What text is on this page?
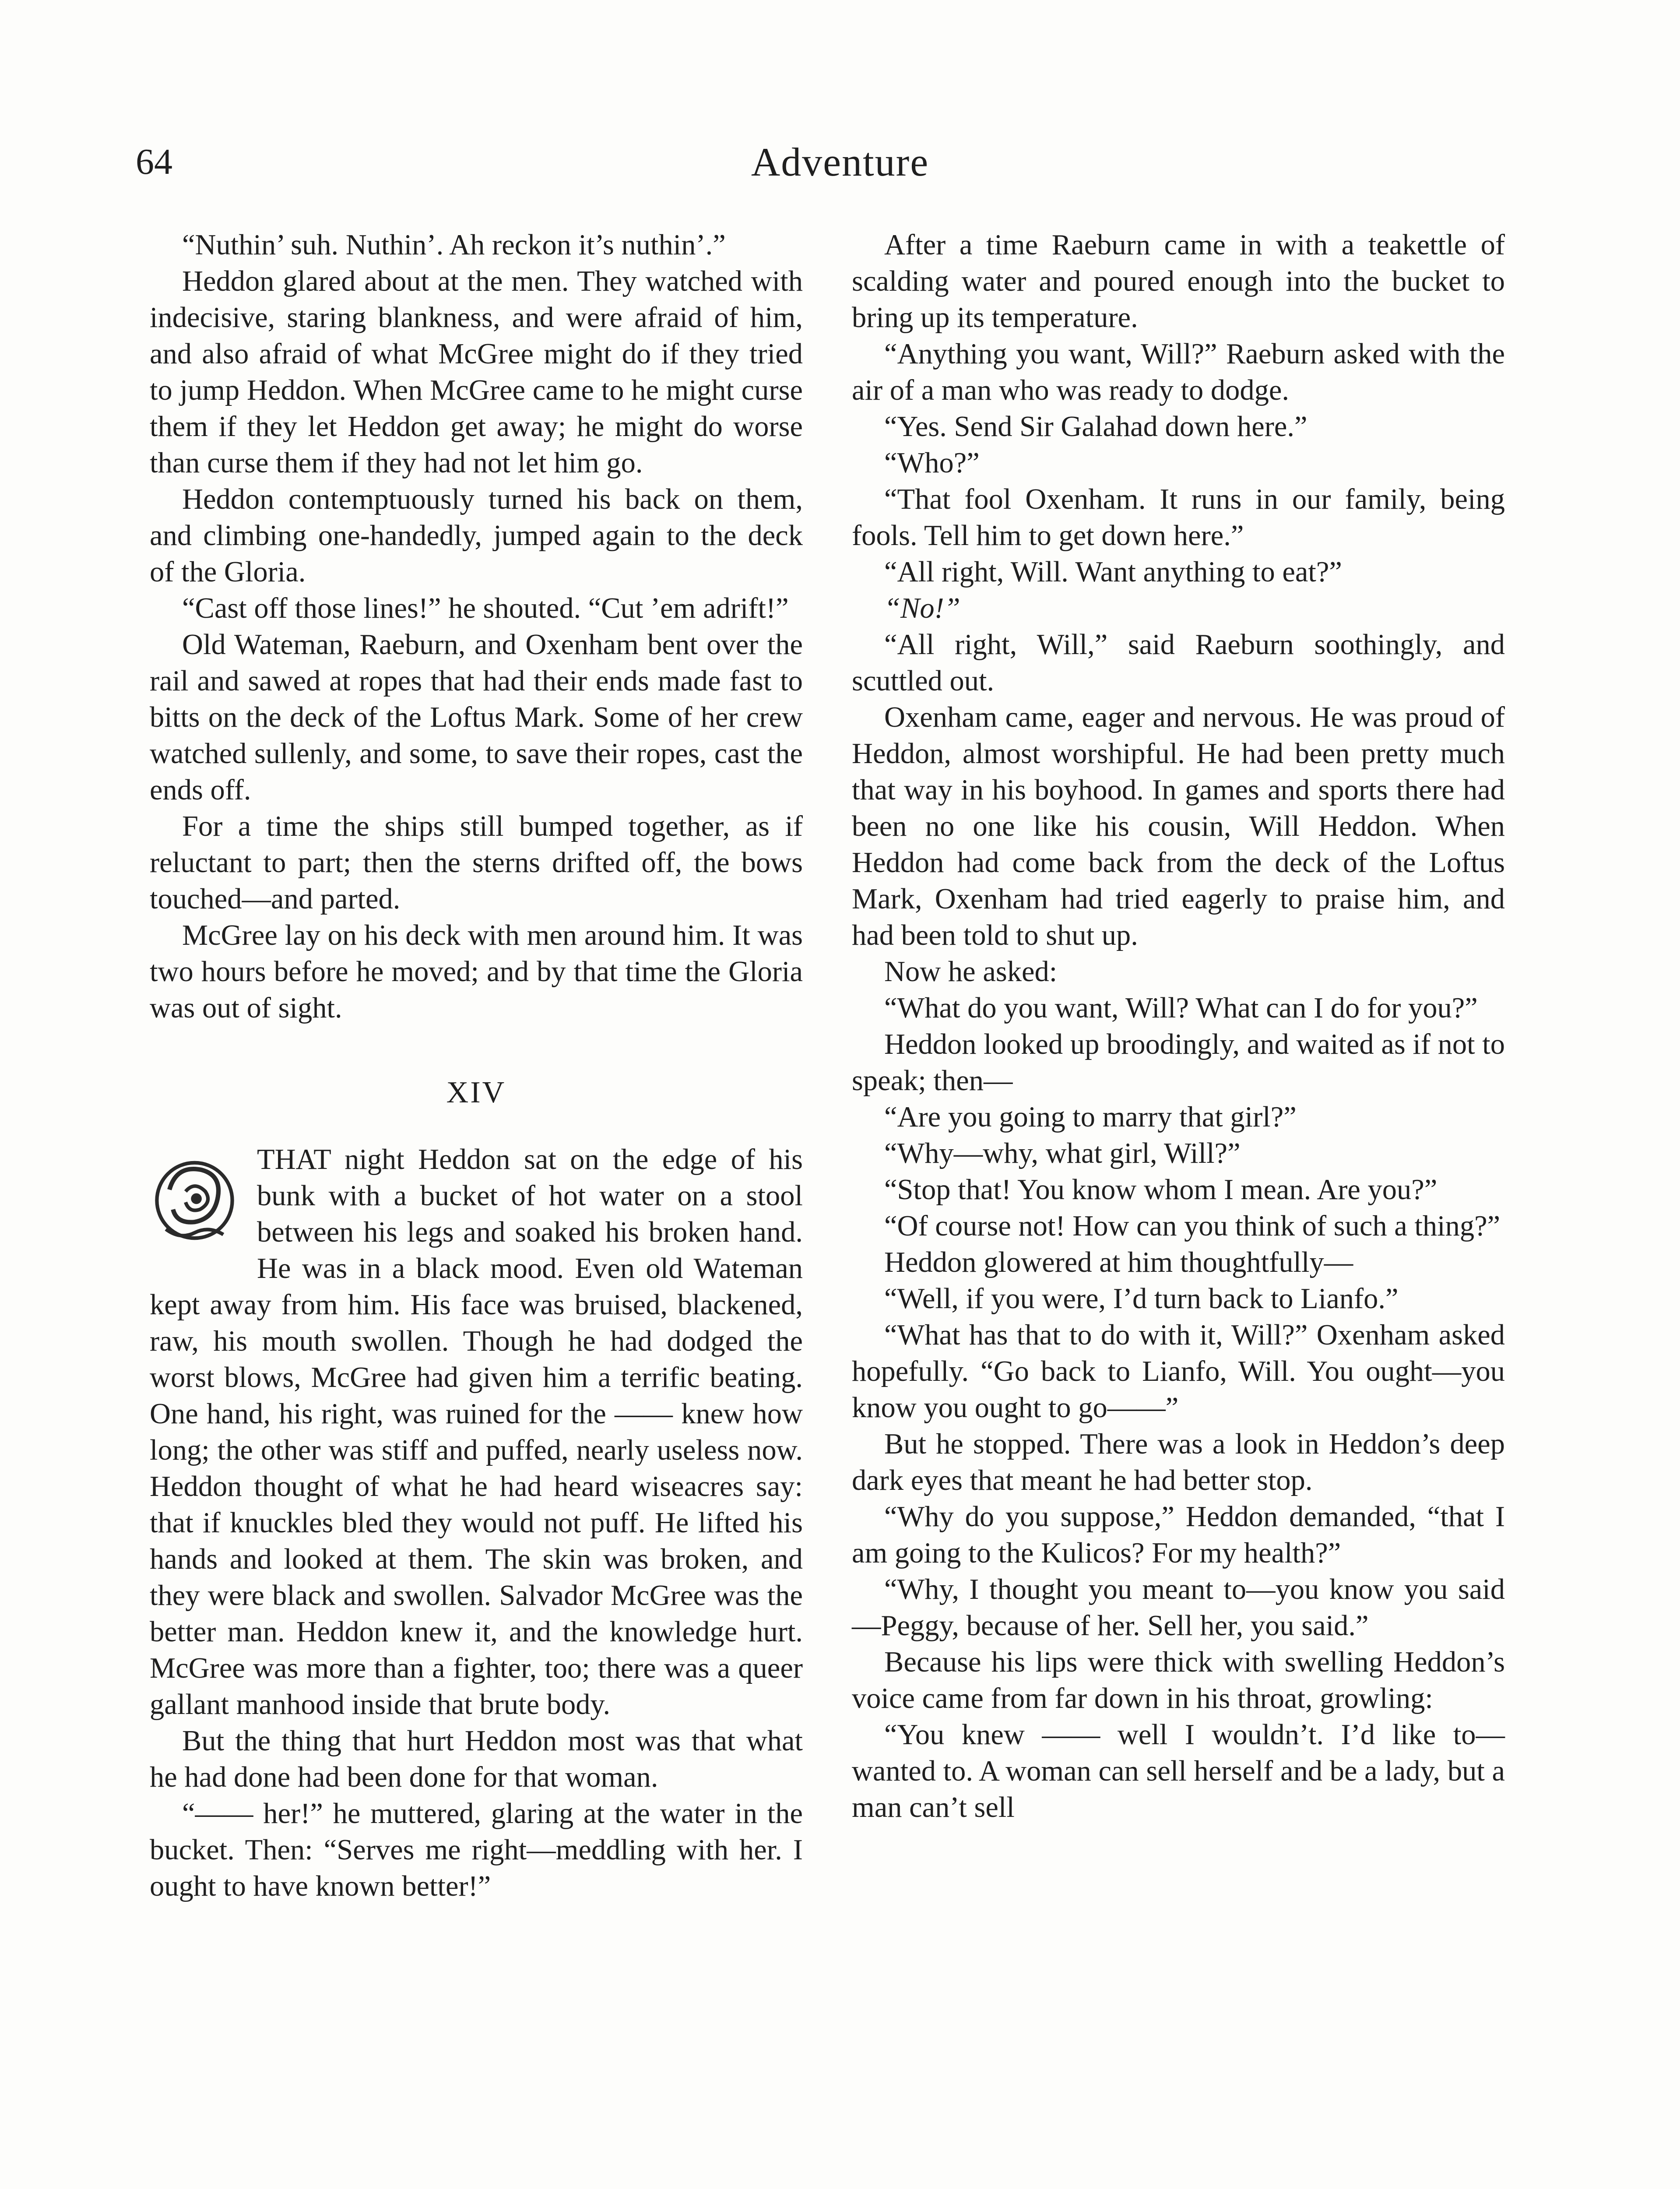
64	Adventure

“Nuthin’ suh. Nuthin’. Ah reckon it’s nuthin’.”

Heddon glared about at the men. They watched with indecisive, staring blankness, and were afraid of him, and also afraid of what McGree might do if they tried to jump Heddon. When McGree came to he might curse them if they let Heddon get away; he might do worse than curse them if they had not let him go.

Heddon contemptuously turned his back on them, and climbing one-handedly, jumped again to the deck of the Gloria.

“Cast off those lines!” he shouted. “Cut ’em adrift!”

Old Wateman, Raeburn, and Oxenham bent over the rail and sawed at ropes that had their ends made fast to bitts on the deck of the Loftus Mark. Some of her crew watched sullenly, and some, to save their ropes, cast the ends off.

For a time the ships still bumped together, as if reluctant to part; then the sterns drifted off, the bows touched—and parted.

McGree lay on his deck with men around him. It was two hours before he moved; and by that time the Gloria was out of sight.

XIV

THAT night Heddon sat on the edge of his bunk with a bucket of hot water on a stool between his legs and soaked his broken hand. He was in a black mood. Even old Wateman kept away from him. His face was bruised, blackened, raw, his mouth swollen. Though he had dodged the worst blows, McGree had given him a terrific beating. One hand, his right, was ruined for the —— knew how long; the other was stiff and puffed, nearly useless now. Heddon thought of what he had heard wiseacres say: that if knuckles bled they would not puff. He lifted his hands and looked at them. The skin was broken, and they were black and swollen. Salvador McGree was the better man. Heddon knew it, and the knowledge hurt. McGree was more than a fighter, too; there was a queer gallant manhood inside that brute body.

But the thing that hurt Heddon most was that what he had done had been done for that woman.

“—— her!” he muttered, glaring at the water in the bucket. Then: “Serves me right—meddling with her. I ought to have known better!”

After a time Raeburn came in with a teakettle of scalding water and poured enough into the bucket to bring up its temperature.

“Anything you want, Will?” Raeburn asked with the air of a man who was ready to dodge.

“Yes. Send Sir Galahad down here.”

“Who?”

“That fool Oxenham. It runs in our family, being fools. Tell him to get down here.”

“All right, Will. Want anything to eat?”

“No!”

“All right, Will,” said Raeburn soothingly, and scuttled out.

Oxenham came, eager and nervous. He was proud of Heddon, almost worshipful. He had been pretty much that way in his boyhood. In games and sports there had been no one like his cousin, Will Heddon. When Heddon had come back from the deck of the Loftus Mark, Oxenham had tried eagerly to praise him, and had been told to shut up.

Now he asked:

“What do you want, Will? What can I do for you?”

Heddon looked up broodingly, and waited as if not to speak; then—

“Are you going to marry that girl?”

“Why—why, what girl, Will?”

“Stop that! You know whom I mean. Are you?”

“Of course not! How can you think of such a thing?”

Heddon glowered at him thoughtfully—

“Well, if you were, I’d turn back to Lianfo.”

“What has that to do with it, Will?” Oxenham asked hopefully. “Go back to Lianfo, Will. You ought—you know you ought to go——”

But he stopped. There was a look in Heddon’s deep dark eyes that meant he had better stop.

“Why do you suppose,” Heddon demanded, “that I am going to the Kulicos? For my health?”

“Why, I thought you meant to—you know you said—Peggy, because of her. Sell her, you said.”

Because his lips were thick with swelling Heddon’s voice came from far down in his throat, growling:

“You knew —— well I wouldn’t. I’d like to—wanted to. A woman can sell herself and be a lady, but a man can’t sell
